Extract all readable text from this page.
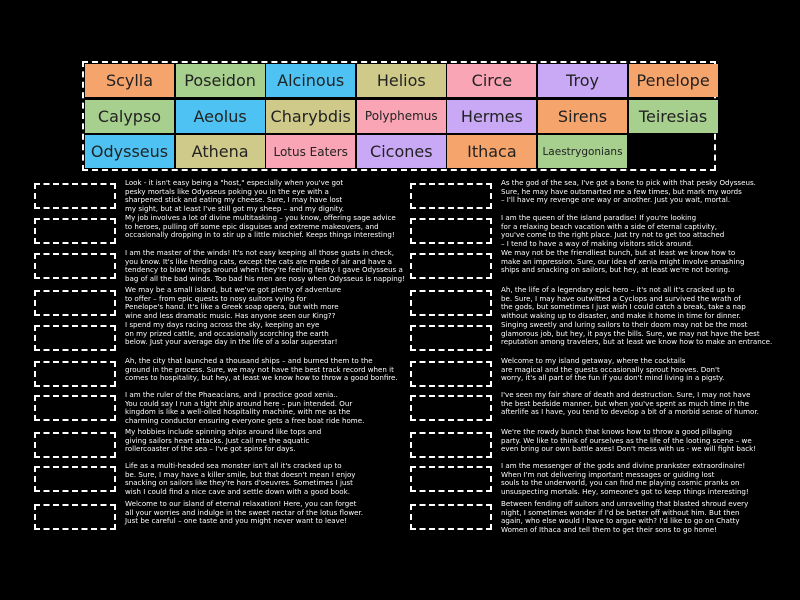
Scylla	Poseidon	Alcinous	Helios	Circe	Troy	Penelope
Calypso	Aeolus	Charybdis	Polyphemus	Hermes	Sirens	Teiresias
Odysseus	Athena	Lotus Eaters	Cicones	Ithaca	Laestrygonians
Look - it isn't easy being a "host," especially when you've got
pesky mortals like Odysseus poking you in the eye with a
sharpened stick and eating my cheese. Sure, I may have lost
my sight, but at least I've still got my sheep – and my dignity.
My job involves a lot of divine multitasking – you know, offering sage advice
to heroes, pulling off some epic disguises and extreme makeovers, and
occasionally dropping in to stir up a little mischief. Keeps things interesting!
I am the master of the winds! It's not easy keeping all those gusts in check,
you know. It's like herding cats, except the cats are made of air and have a
tendency to blow things around when they're feeling feisty. I gave Odysseus a
bag of all the bad winds. Too bad his men are nosy when Odysseus is napping!
We may be a small island, but we've got plenty of adventure
to offer – from epic quests to nosy suitors vying for
Penelope's hand. It's like a Greek soap opera, but with more
wine and less dramatic music. Has anyone seen our King??
I spend my days racing across the sky, keeping an eye
on my prized cattle, and occasionally scorching the earth
below. Just your average day in the life of a solar superstar!
Ah, the city that launched a thousand ships – and burned them to the
ground in the process. Sure, we may not have the best track record when it
comes to hospitality, but hey, at least we know how to throw a good bonfire.
I am the ruler of the Phaeacians, and I practice good xenia..
You could say I run a tight ship around here – pun intended. Our
kingdom is like a well-oiled hospitality machine, with me as the
charming conductor ensuring everyone gets a free boat ride home.
My hobbies include spinning ships around like tops and
giving sailors heart attacks. Just call me the aquatic
rollercoaster of the sea – I've got spins for days.
Life as a multi-headed sea monster isn't all it's cracked up to
be. Sure, I may have a killer smile, but that doesn't mean I enjoy
snacking on sailors like they're hors d'oeuvres. Sometimes I just
wish I could find a nice cave and settle down with a good book.
Welcome to our island of eternal relaxation! Here, you can forget
all your worries and indulge in the sweet nectar of the lotus flower.
Just be careful – one taste and you might never want to leave!
As the god of the sea, I've got a bone to pick with that pesky Odysseus.
Sure, he may have outsmarted me a few times, but mark my words
– I'll have my revenge one way or another. Just you wait, mortal.
I am the queen of the island paradise! If you're looking
for a relaxing beach vacation with a side of eternal captivity,
you've come to the right place. Just try not to get too attached
– I tend to have a way of making visitors stick around.
We may not be the friendliest bunch, but at least we know how to
make an impression. Sure, our idea of xenia might involve smashing
ships and snacking on sailors, but hey, at least we're not boring.
Ah, the life of a legendary epic hero – it's not all it's cracked up to
be. Sure, I may have outwitted a Cyclops and survived the wrath of
the gods, but sometimes I just wish I could catch a break, take a nap
without waking up to disaster, and make it home in time for dinner.
Singing sweetly and luring sailors to their doom may not be the most
glamorous job, but hey, it pays the bills. Sure, we may not have the best
reputation among travelers, but at least we know how to make an entrance.
Welcome to my island getaway, where the cocktails
are magical and the guests occasionally sprout hooves. Don't
worry, it's all part of the fun if you don't mind living in a pigsty.
I've seen my fair share of death and destruction. Sure, I may not have
the best bedside manner, but when you've spent as much time in the
afterlife as I have, you tend to develop a bit of a morbid sense of humor.
We're the rowdy bunch that knows how to throw a good pillaging
party. We like to think of ourselves as the life of the looting scene – we
even bring our own battle axes! Don't mess with us - we will fight back!
I am the messenger of the gods and divine prankster extraordinaire!
When I'm not delivering important messages or guiding lost
souls to the underworld, you can find me playing cosmic pranks on
unsuspecting mortals. Hey, someone's got to keep things interesting!
Between fending off suitors and unraveling that blasted shroud every
night, I sometimes wonder if I'd be better off without him. But then
again, who else would I have to argue with? I'd like to go on Chatty
Women of Ithaca and tell them to get their sons to go home!
